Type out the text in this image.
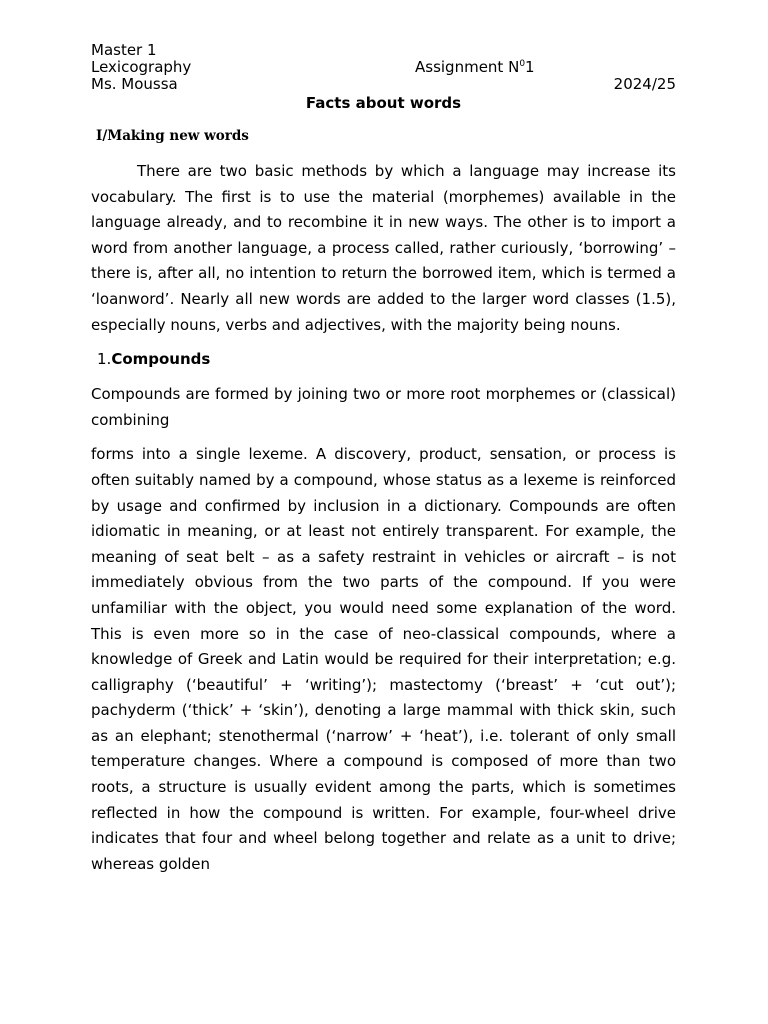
Master 1
Lexicography	Assignment $N^01$
Ms. Moussa	2024/25
Facts about words
I/Making new words

There are two basic methods by which a language may increase its vocabulary. The first is to use the material (morphemes) available in the language already, and to recombine it in new ways. The other is to import a word from another language, a process called, rather curiously, ‘borrowing’ – there is, after all, no intention to return the borrowed item, which is termed a ‘loanword’. Nearly all new words are added to the larger word classes (1.5), especially nouns, verbs and adjectives, with the majority being nouns.

1.Compounds

Compounds are formed by joining two or more root morphemes or (classical) combining

forms into a single lexeme. A discovery, product, sensation, or process is often suitably named by a compound, whose status as a lexeme is reinforced by usage and confirmed by inclusion in a dictionary. Compounds are often idiomatic in meaning, or at least not entirely transparent. For example, the meaning of seat belt – as a safety restraint in vehicles or aircraft – is not immediately obvious from the two parts of the compound. If you were unfamiliar with the object, you would need some explanation of the word. This is even more so in the case of neo-classical compounds, where a knowledge of Greek and Latin would be required for their interpretation; e.g. calligraphy (‘beautiful’ + ‘writing’); mastectomy (‘breast’ + ‘cut out’); pachyderm (‘thick’ + ‘skin’), denoting a large mammal with thick skin, such as an elephant; stenothermal (‘narrow’ + ‘heat’), i.e. tolerant of only small temperature changes. Where a compound is composed of more than two roots, a structure is usually evident among the parts, which is sometimes reflected in how the compound is written. For example, four-wheel drive indicates that four and wheel belong together and relate as a unit to drive; whereas golden
